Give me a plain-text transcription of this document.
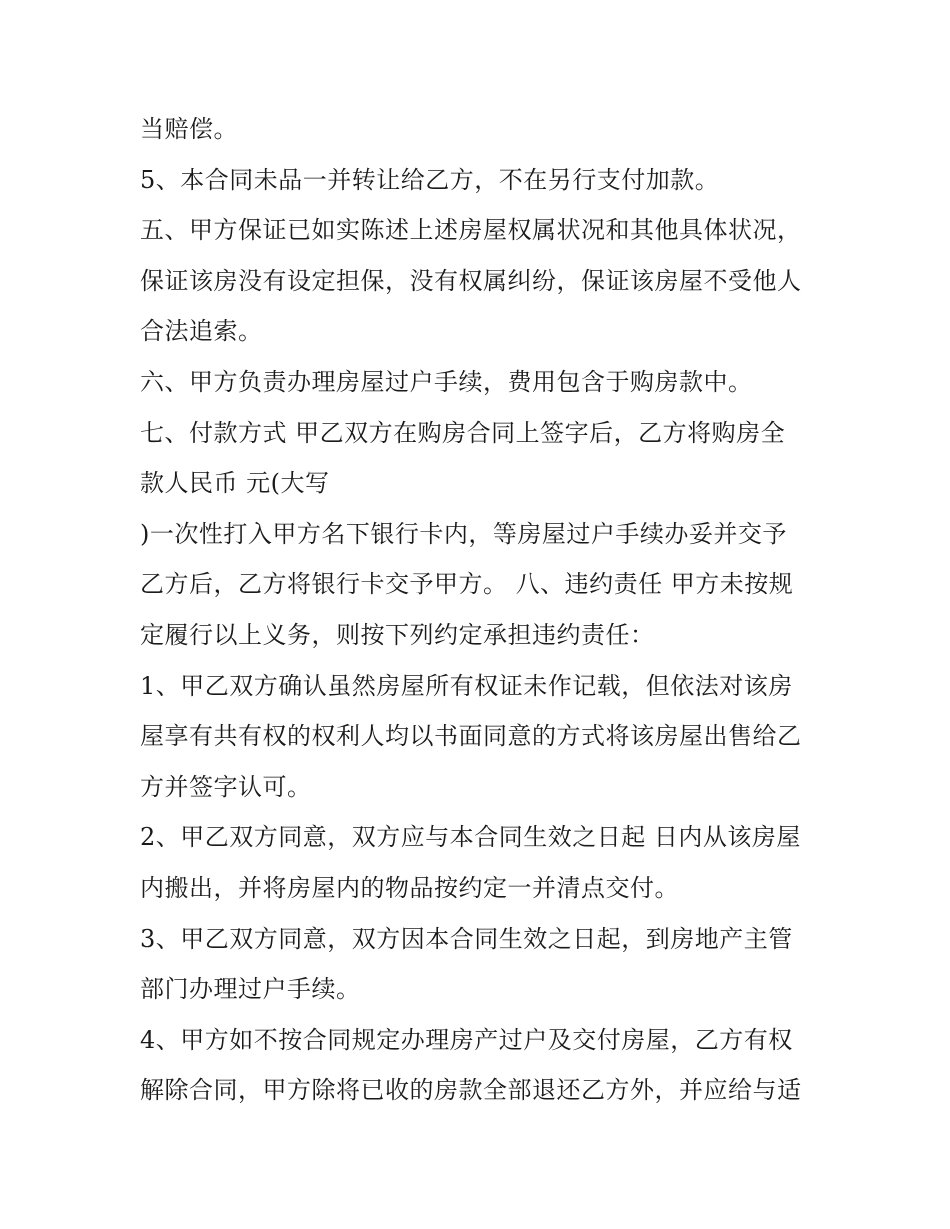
当赔偿。
5、本合同未品一并转让给乙方，不在另行支付加款。
五、甲方保证已如实陈述上述房屋权属状况和其他具体状况，
保证该房没有设定担保，没有权属纠纷，保证该房屋不受他人
合法追索。
六、甲方负责办理房屋过户手续，费用包含于购房款中。
七、付款方式 甲乙双方在购房合同上签字后，乙方将购房全
款人民币 元(大写
)一次性打入甲方名下银行卡内，等房屋过户手续办妥并交予
乙方后，乙方将银行卡交予甲方。 八、违约责任 甲方未按规
定履行以上义务，则按下列约定承担违约责任：
1、甲乙双方确认虽然房屋所有权证未作记载，但依法对该房
屋享有共有权的权利人均以书面同意的方式将该房屋出售给乙
方并签字认可。
2、甲乙双方同意，双方应与本合同生效之日起 日内从该房屋
内搬出，并将房屋内的物品按约定一并清点交付。
3、甲乙双方同意，双方因本合同生效之日起，到房地产主管
部门办理过户手续。
4、甲方如不按合同规定办理房产过户及交付房屋，乙方有权
解除合同，甲方除将已收的房款全部退还乙方外，并应给与适
